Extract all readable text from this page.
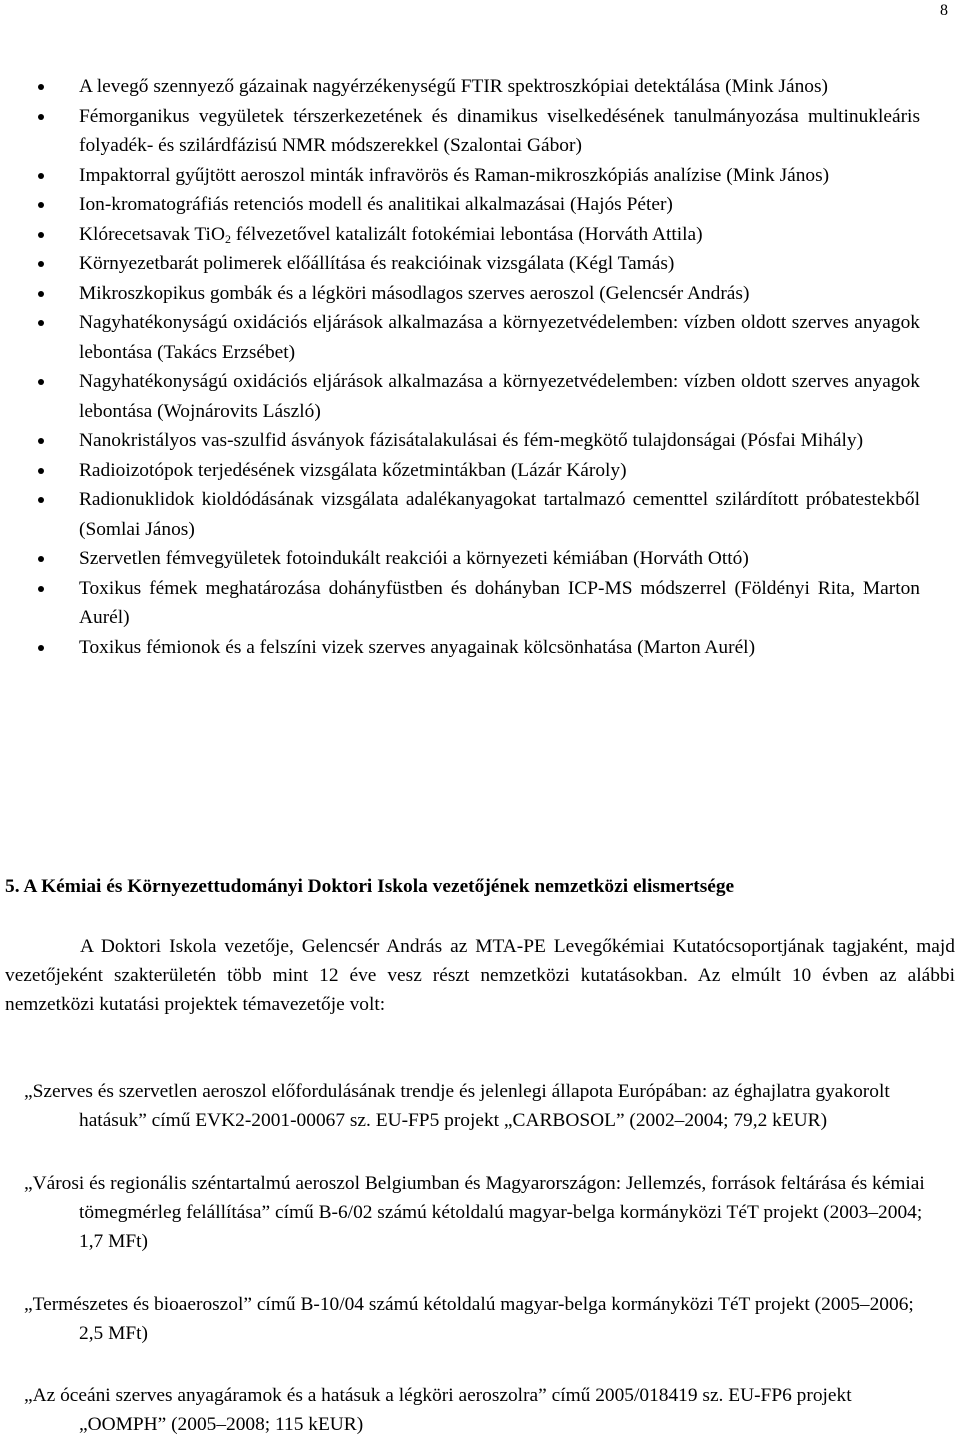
8
A levegő szennyező gázainak nagyérzékenységű FTIR spektroszkópiai detektálása (Mink János)
Fémorganikus vegyületek térszerkezetének és dinamikus viselkedésének tanulmányozása multinukleáris folyadék- és szilárdfázisú NMR módszerekkel (Szalontai Gábor)
Impaktorral gyűjtött aeroszol minták infravörös és Raman-mikroszkópiás analízise (Mink János)
Ion-kromatográfiás retenciós modell és analitikai alkalmazásai (Hajós Péter)
Klórecetsavak TiO$_2$ félvezetővel katalizált fotokémiai lebontása (Horváth Attila)
Környezetbarát polimerek előállítása és reakcióinak vizsgálata (Kégl Tamás)
Mikroszkopikus gombák és a légköri másodlagos szerves aeroszol (Gelencsér András)
Nagyhatékonyságú oxidációs eljárások alkalmazása a környezetvédelemben: vízben oldott szerves anyagok lebontása (Takács Erzsébet)
Nagyhatékonyságú oxidációs eljárások alkalmazása a környezetvédelemben: vízben oldott szerves anyagok lebontása (Wojnárovits László)
Nanokristályos vas-szulfid ásványok fázisátalakulásai és fém-megkötő tulajdonságai (Pósfai Mihály)
Radioizotópok terjedésének vizsgálata kőzetmintákban (Lázár Károly)
Radionuklidok kioldódásának vizsgálata adalékanyagokat tartalmazó cementtel szilárdított próbatestekből (Somlai János)
Szervetlen fémvegyületek fotoindukált reakciói a környezeti kémiában (Horváth Ottó)
Toxikus fémek meghatározása dohányfüstben és dohányban ICP-MS módszerrel (Földényi Rita, Marton Aurél)
Toxikus fémionok és a felszíni vizek szerves anyagainak kölcsönhatása (Marton Aurél)
5. A Kémiai és Környezettudományi Doktori Iskola vezetőjének nemzetközi elismertsége

A Doktori Iskola vezetője, Gelencsér András az MTA-PE Levegőkémiai Kutatócsoportjának tagjaként, majd vezetőjeként szakterületén több mint 12 éve vesz részt nemzetközi kutatásokban. Az elmúlt 10 évben az alábbi nemzetközi kutatási projektek témavezetője volt:

„Szerves és szervetlen aeroszol előfordulásának trendje és jelenlegi állapota Európában: az éghajlatra gyakorolt hatásuk” című EVK2-2001-00067 sz. EU-FP5 projekt „CARBOSOL” (2002–2004; 79,2 kEUR)
„Városi és regionális széntartalmú aeroszol Belgiumban és Magyarországon: Jellemzés, források feltárása és kémiai tömegmérleg felállítása” című B-6/02 számú kétoldalú magyar-belga kormányközi TéT projekt (2003–2004; 1,7 MFt)
„Természetes és bioaeroszol” című B-10/04 számú kétoldalú magyar-belga kormányközi TéT projekt (2005–2006; 2,5 MFt)
„Az óceáni szerves anyagáramok és a hatásuk a légköri aeroszolra” című 2005/018419 sz. EU-FP6 projekt „OOMPH” (2005–2008; 115 kEUR)
